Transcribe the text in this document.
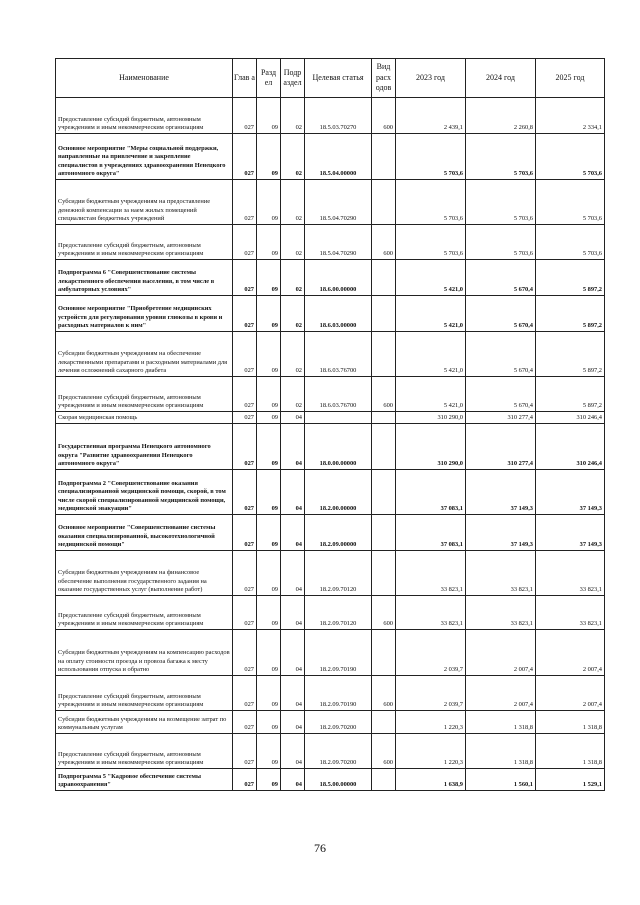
Наименование	Глав а	Разд ел	Подр аздел	Целевая статья	Вид расх одов	2023 год	2024 год	2025 год
Предоставление субсидий бюджетным, автономным учреждениям и иным некоммерческим организациям	027	09	02	18.5.03.70270	600	2 439,1	2 260,8	2 334,1
Основное мероприятие "Меры социальной поддержки, направленные на привлечение и закрепление специалистов в учреждениях здравоохранения Ненецкого автономного округа"	027	09	02	18.5.04.00000		5 703,6	5 703,6	5 703,6
Субсидии бюджетным учреждениям на предоставление денежной компенсации за наем жилых помещений специалистам бюджетных учреждений	027	09	02	18.5.04.70290		5 703,6	5 703,6	5 703,6
Предоставление субсидий бюджетным, автономным учреждениям и иным некоммерческим организациям	027	09	02	18.5.04.70290	600	5 703,6	5 703,6	5 703,6
Подпрограмма 6 "Совершенствование системы лекарственного обеспечения населения, в том числе в амбулаторных условиях"	027	09	02	18.6.00.00000		5 421,0	5 670,4	5 897,2
Основное мероприятие "Приобретение медицинских устройств для регулирования уровня глюкозы в крови и расходных материалов к ним"	027	09	02	18.6.03.00000		5 421,0	5 670,4	5 897,2
Субсидии бюджетным учреждениям на обеспечение лекарственными препаратами и расходными материалами для лечения осложнений сахарного диабета	027	09	02	18.6.03.76700		5 421,0	5 670,4	5 897,2
Предоставление субсидий бюджетным, автономным учреждениям и иным некоммерческим организациям	027	09	02	18.6.03.76700	600	5 421,0	5 670,4	5 897,2
Скорая медицинская помощь	027	09	04			310 290,0	310 277,4	310 246,4
Государственная программа Ненецкого автономного округа "Развитие здравоохранения Ненецкого автономного округа"	027	09	04	18.0.00.00000		310 290,0	310 277,4	310 246,4
Подпрограмма 2 "Совершенствование оказания специализированной медицинской помощи, скорой, в том числе скорой специализированной медицинской помощи, медицинской эвакуации"	027	09	04	18.2.00.00000		37 083,1	37 149,3	37 149,3
Основное мероприятие "Совершенствование системы оказания специализированной, высокотехнологичной медицинской помощи"	027	09	04	18.2.09.00000		37 083,1	37 149,3	37 149,3
Субсидии бюджетным учреждениям на финансовое обеспечение выполнения государственного задания на оказание государственных услуг (выполнение работ)	027	09	04	18.2.09.70120		33 823,1	33 823,1	33 823,1
Предоставление субсидий бюджетным, автономным учреждениям и иным некоммерческим организациям	027	09	04	18.2.09.70120	600	33 823,1	33 823,1	33 823,1
Субсидии бюджетным учреждениям на компенсацию расходов на оплату стоимости проезда и провоза багажа к месту использования отпуска и обратно	027	09	04	18.2.09.70190		2 039,7	2 007,4	2 007,4
Предоставление субсидий бюджетным, автономным учреждениям и иным некоммерческим организациям	027	09	04	18.2.09.70190	600	2 039,7	2 007,4	2 007,4
Субсидии бюджетным учреждениям на возмещение затрат по коммунальным услугам	027	09	04	18.2.09.70200		1 220,3	1 318,8	1 318,8
Предоставление субсидий бюджетным, автономным учреждениям и иным некоммерческим организациям	027	09	04	18.2.09.70200	600	1 220,3	1 318,8	1 318,8
Подпрограмма 5 "Кадровое обеспечение системы здравоохранения"	027	09	04	18.5.00.00000		1 638,9	1 560,1	1 529,1
76
